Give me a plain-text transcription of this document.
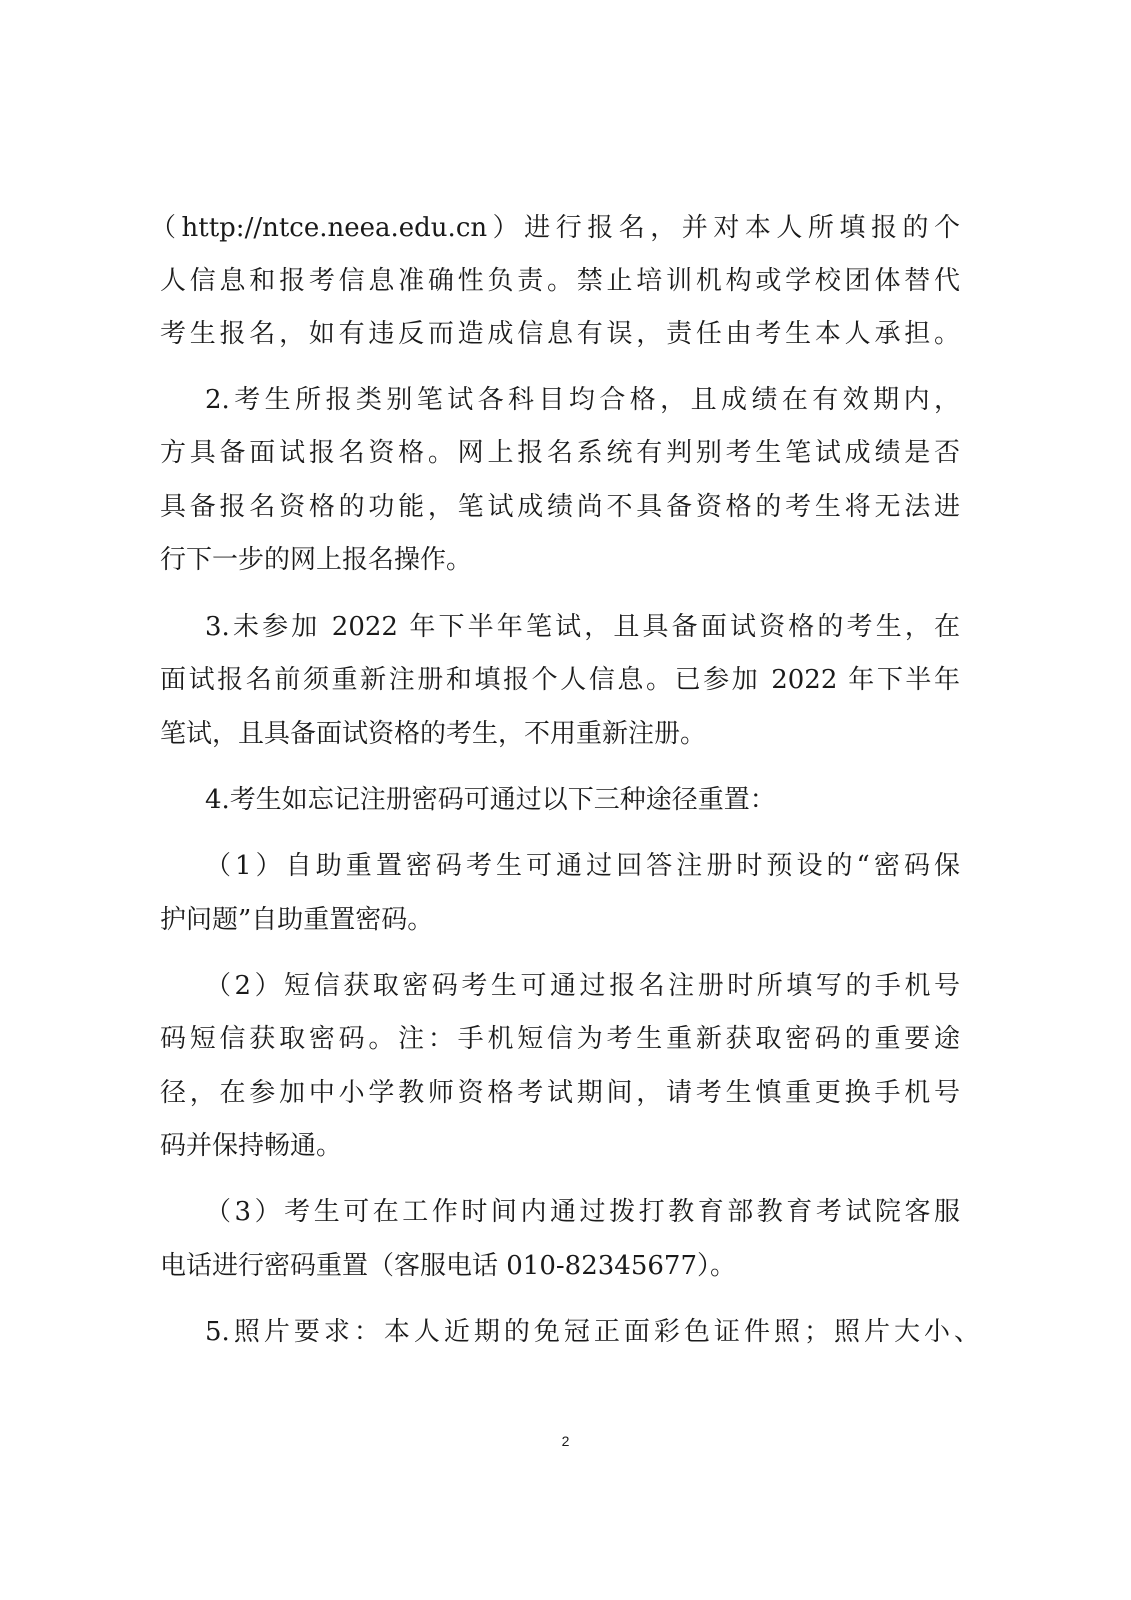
（http://ntce.neea.edu.cn）进行报名，并对本人所填报的个
人信息和报考信息准确性负责。禁止培训机构或学校团体替代
考生报名，如有违反而造成信息有误，责任由考生本人承担。
2.考生所报类别笔试各科目均合格，且成绩在有效期内，
方具备面试报名资格。网上报名系统有判别考生笔试成绩是否
具备报名资格的功能，笔试成绩尚不具备资格的考生将无法进
行下一步的网上报名操作。
3.未参加 2022 年下半年笔试，且具备面试资格的考生，在
面试报名前须重新注册和填报个人信息。已参加 2022 年下半年
笔试，且具备面试资格的考生，不用重新注册。
4.考生如忘记注册密码可通过以下三种途径重置：
（1）自助重置密码考生可通过回答注册时预设的“密码保
护问题”自助重置密码。
（2）短信获取密码考生可通过报名注册时所填写的手机号
码短信获取密码。注：手机短信为考生重新获取密码的重要途
径，在参加中小学教师资格考试期间，请考生慎重更换手机号
码并保持畅通。
（3）考生可在工作时间内通过拨打教育部教育考试院客服
电话进行密码重置（客服电话 010-82345677）。
5.照片要求：本人近期的免冠正面彩色证件照；照片大小、
2
